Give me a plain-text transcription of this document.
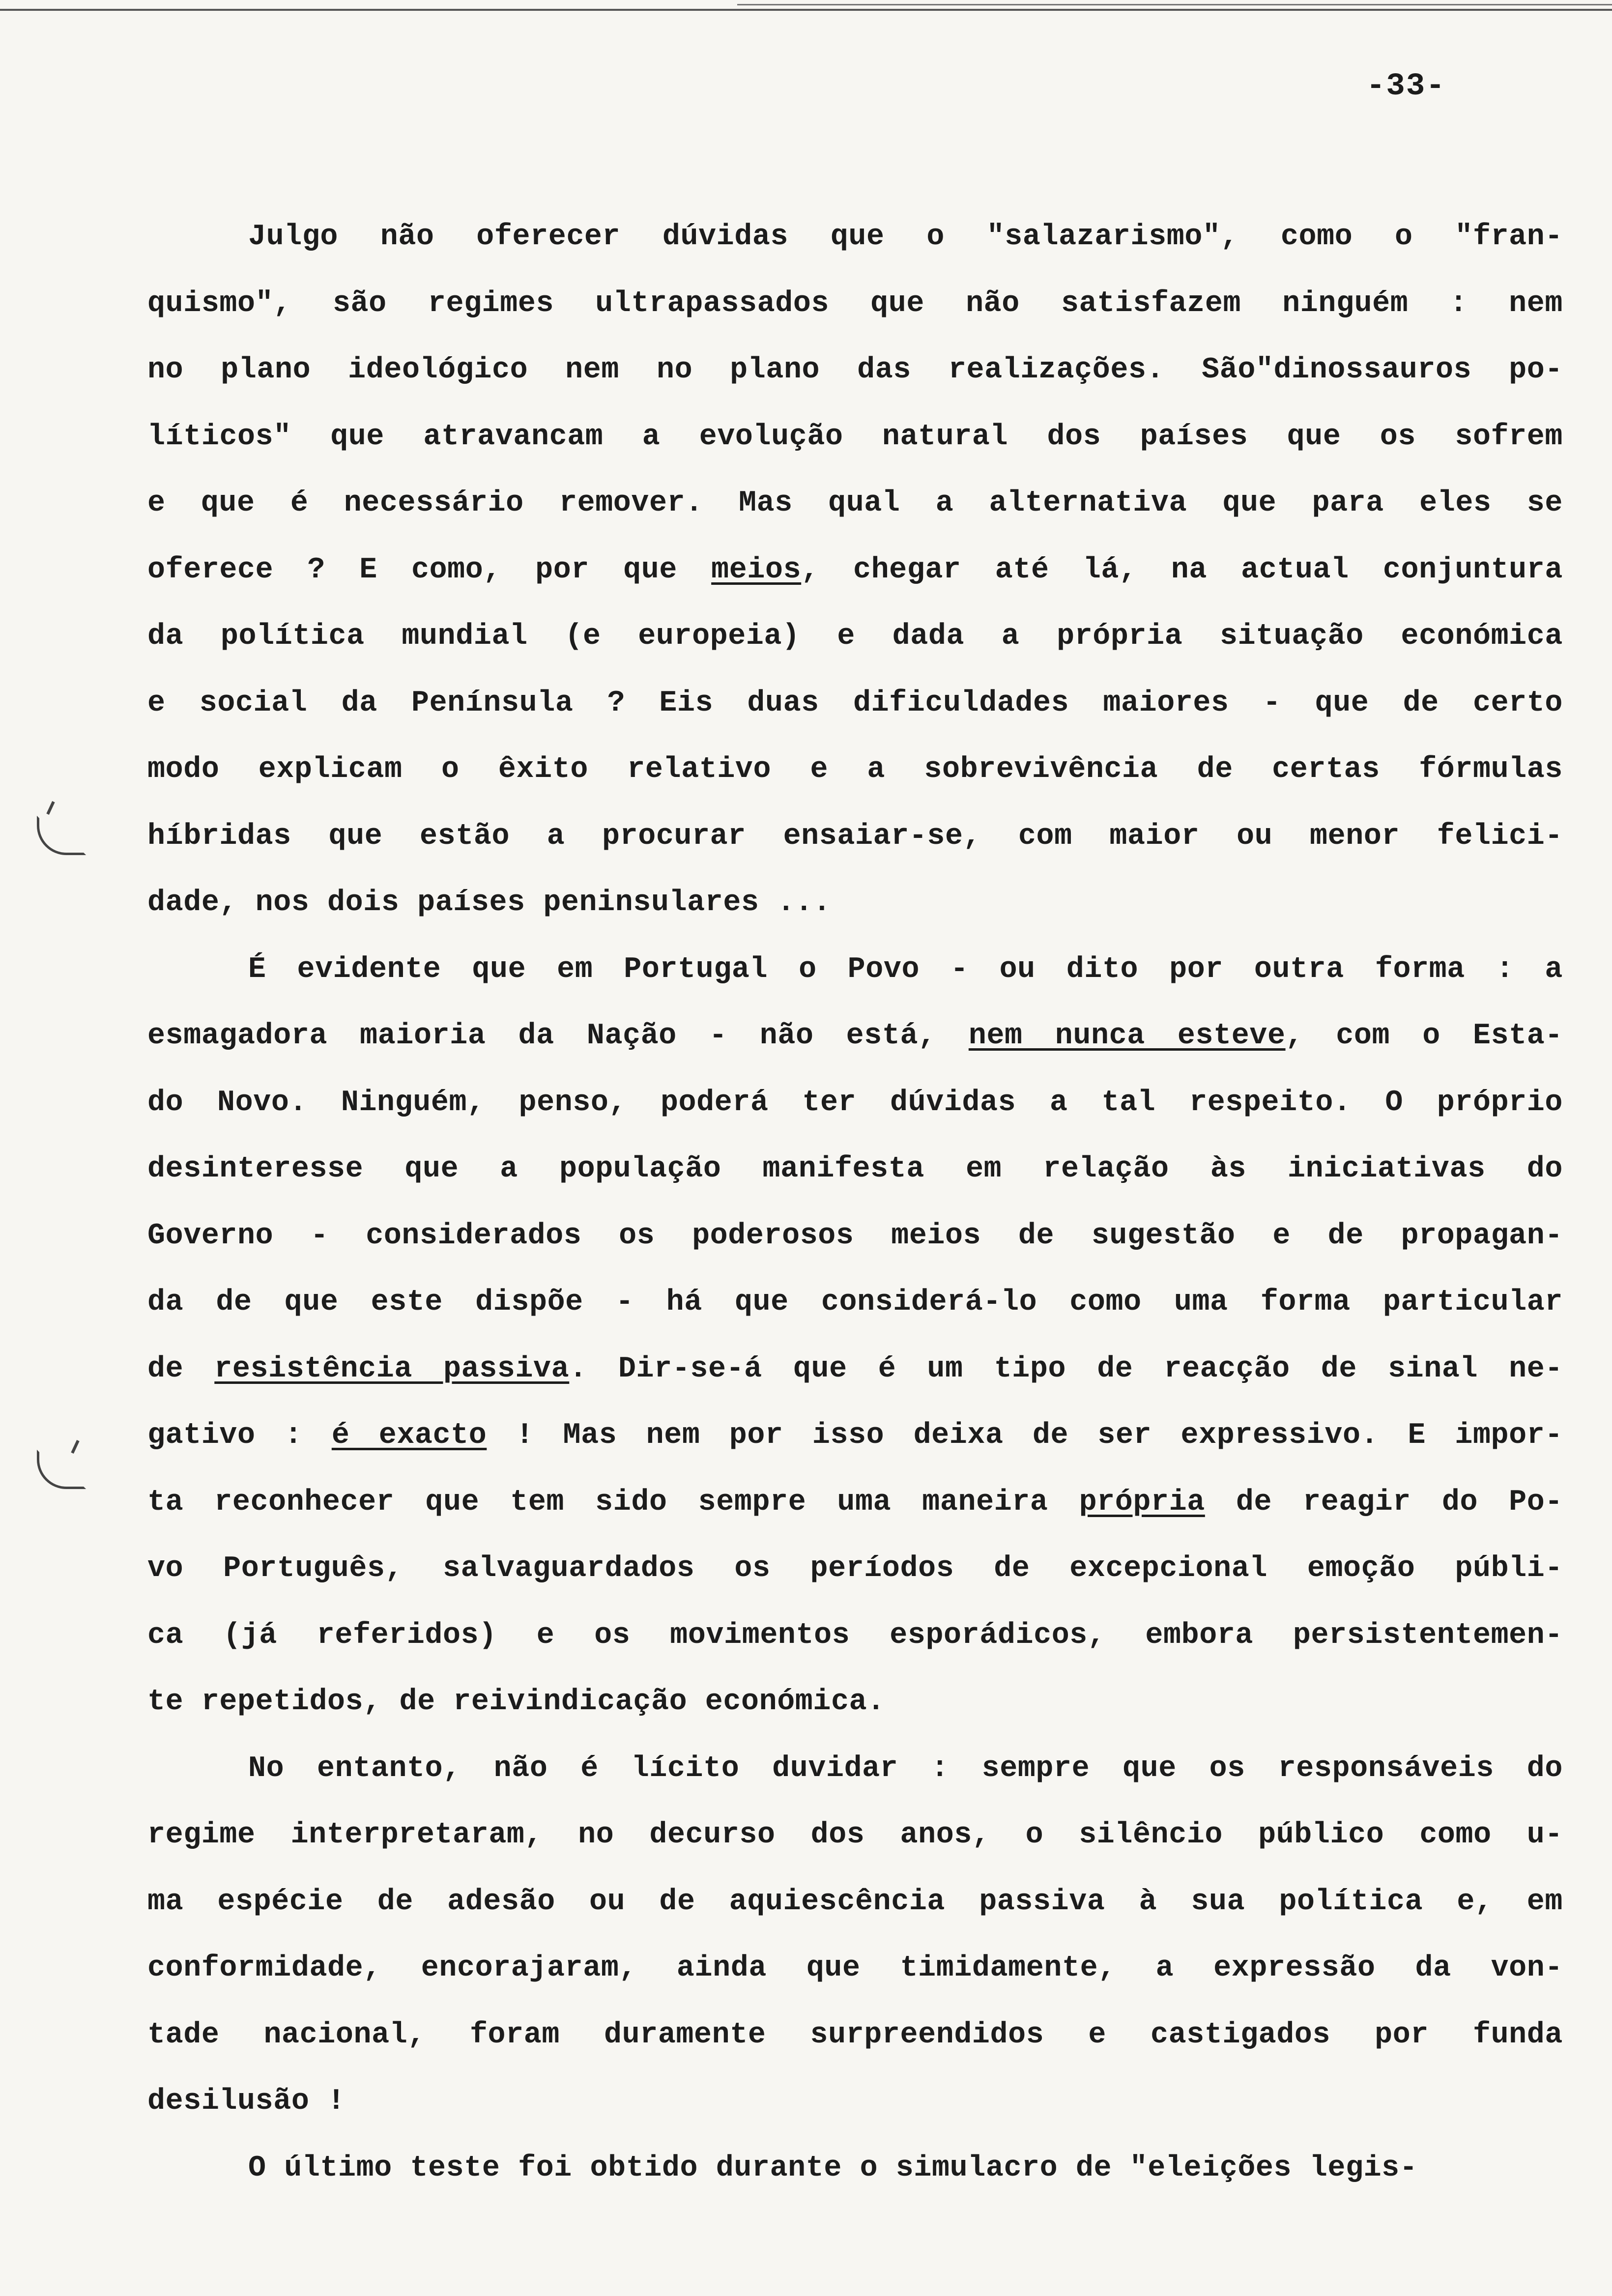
-33-
Julgo não oferecer dúvidas que o "salazarismo", como o "fran-
quismo", são regimes ultrapassados que não satisfazem ninguém : nem
no plano ideológico nem no plano das realizações. São"dinossauros po-
líticos" que atravancam a evolução natural dos países que os sofrem
e que é necessário remover. Mas qual a alternativa que para eles se
oferece ? E como, por que meios, chegar até lá, na actual conjuntura
da política mundial (e europeia) e dada a própria situação económica
e social da Península ? Eis duas dificuldades maiores - que de certo
modo explicam o êxito relativo e a sobrevivência de certas fórmulas
híbridas que estão a procurar ensaiar-se, com maior ou menor felici-
dade, nos dois países peninsulares ...
É evidente que em Portugal o Povo - ou dito por outra forma : a
esmagadora maioria da Nação - não está, nem nunca esteve, com o Esta-
do Novo. Ninguém, penso, poderá ter dúvidas a tal respeito. O próprio
desinteresse que a população manifesta em relação às iniciativas do
Governo - considerados os poderosos meios de sugestão e de propagan-
da de que este dispõe - há que considerá-lo como uma forma particular
de resistência passiva. Dir-se-á que é um tipo de reacção de sinal ne-
gativo : é exacto ! Mas nem por isso deixa de ser expressivo. E impor-
ta reconhecer que tem sido sempre uma maneira própria de reagir do Po-
vo Português, salvaguardados os períodos de excepcional emoção públi-
ca (já referidos) e os movimentos esporádicos, embora persistentemen-
te repetidos, de reivindicação económica.
No entanto, não é lícito duvidar : sempre que os responsáveis do
regime interpretaram, no decurso dos anos, o silêncio público como u-
ma espécie de adesão ou de aquiescência passiva à sua política e, em
conformidade, encorajaram, ainda que timidamente, a expressão da von-
tade nacional, foram duramente surpreendidos e castigados por funda
desilusão !
O último teste foi obtido durante o simulacro de "eleições legis-
